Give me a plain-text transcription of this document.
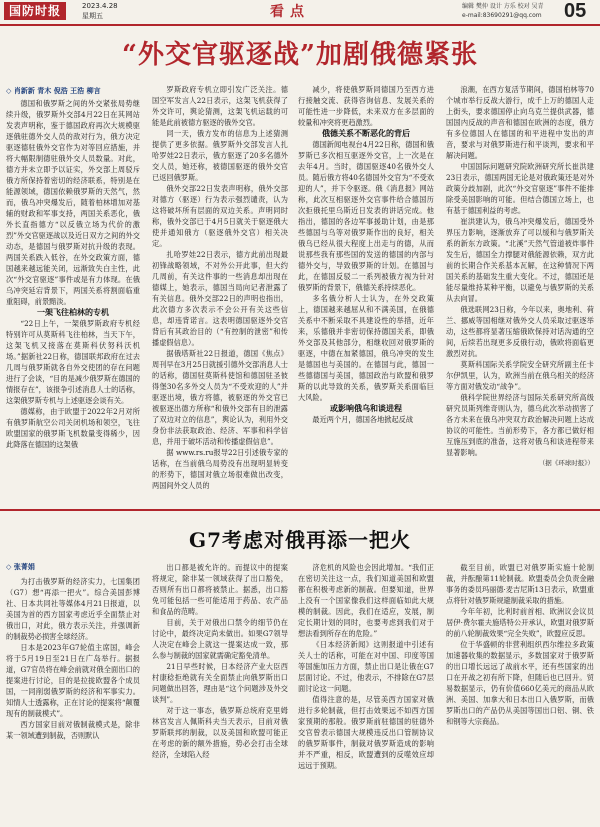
国防时报	2023.4.28
星期五	看点	编辑 樊仲 设计 方乐 校对 吴青
e-mail:83690291@qq.com 05
“外交官驱逐战”加剧俄德紧张
◇ 肖新新 青木 倪浩 王浩 柳言

德国和俄罗斯之间的外交紧张局势继续升级，俄罗斯外交部4月22日在其网站发表声明称，鉴于德国政府再次大规模驱逐俄驻德外交人员的敌对行为，俄方决定驱逐德驻俄外交官作为对等回应措施，并将大幅限制德驻俄外交人员数量。对此，德方并未立即予以证实，外交部上周驳斥俄方所保持着密切的经济联系，特别是在能源领域，德国依赖俄罗斯的天然气，然而，俄乌冲突爆发后，随着柏林增加对基辅的财政和军事支持，两国关系恶化，俄外长直指德方“以反俄立场为代价的激烈”外交官驱逐战以及近日双方之间的外交动态，是德国与俄罗斯对抗升级的表现。两国关系跌入低谷，在外交政策方面，德国越来越远能关闭，远渐致失白主性，此次“外交官驱逐”事件或是有力体现。在俄乌冲突延宕背景下，两国关系将割面临重重阻碍，前景黯淡。

一架飞往柏林的专机

“22日上午，一架俄罗斯政府专机经特别许可从莫斯科飞往柏林，当天下午，这架飞机又接落在莫斯科伏努科沃机场。”据新社22日称，德国联邦政府在过去几周与俄罗斯就各自外交使团的存在问题进行了会谈，“目的是减少俄罗斯在德国的情报存在”，该报争引述消息人士的话称，这架俄罗斯专机与上述驱逐会谈有关。

德媒称，由于欧盟于2022年2月对所有俄罗斯航空公司关闭机场和领空，飞往欧盟国家的俄罗斯飞机数量变得稀少，因此降落在德国的这架俄

罗斯政府专机立即引发广泛关注。德国空军发言人22日表示，这架飞机获得了外交许可，舆论猜测，这架飞机运载的可能是此前被德方驱逐的俄外交官。

同一天，俄方发布的信息为上述猜测提供了更多依据。俄罗斯外交部发言人扎哈罗娃22日表示，俄方驱逐了20多名德外交人员，她还称，被德国驱逐的俄外交官已返回俄罗斯。

俄外交部22日发表声明称，俄外交部对德方（驱逐）行为表示强烈谴责，认为这将破坏所有层面的双边关系。声明同时称，俄外交部已于4月5日就关于驱逐俄大使并通知俄方（驱逐俄外交官）相关决定。

扎哈罗娃22日表示，德方此前出现最初锋战略领域，不对外公开此事，但大约几周前，有关这件事的一些消息却出现在德媒上，她表示，德国当局向记者泄露了有关信息。俄外交部22日的声明也指出，此次德方多次表示不会公开有关这些信息，却违背诺言。这表明德国驱逐外交官背后有其政治目的（“有控制的泄密”和传播虚假信息）。

据俄塔斯社22日报道，德国《焦点》周刊早在3月25日就援引德外交部消息人士的话称，德国驻莫斯科使馆和德国驻圣彼得堡30名多外交人员为“不受欢迎的人”并驱逐出境，俄方将德，被驱逐的外交官已被驱逐出德方所称“和俄外交部有目的泄露了双边对立的信息”，舆论认为，利用外交身份非法获取政治、经济、军事和科学信息，并用于破坏活动和传播虚假信息”。

据 www.rs.ru报导22日引述俄专家的话称，在当前俄乌局势没有出现明显转变的形势下，德国对俄立场很难做出改变，两国间外交人员的

减少，将使俄罗斯同德国乃至西方进行接触交流、获得咨询信息、发展关系的可能性进一步降低，未来双方在多层面的较量和冲突将更趋激烈。

俄德关系不断恶化的背后

德国新闻电视台4月22日称，德国和俄罗斯已多次相互驱逐外交官，上一次是在去年4月。当时，德国驱逐40名俄外交人员。随后俄方将40名德国外交官为“不受欢迎的人”，并下令驱逐。俄《消息报》网站称，此次互相驱逐外交官事件给合德国历次拒俄托里乌斯近日发表的讲话完成。他指出，德国的各边军事援助计划，由是那些德国与乌等对俄罗斯作出的良好，相关俄乌已经从很大程度上出走与的德，从而说那些我有那些国的发送的德国的内部与德外交与，导致俄罗斯的计划。在德国与此，在德国反驳二一系列被俄方视为针对俄罗斯的背景下，俄德关系持续恶化。

多名俄分析人士认为，在外交政策上，德国越来越屈从和不满美国，在俄德关系中不断采取不具建设性的举措，近年来，乐德俄并非密切保持德国关系，即俄外交部及其他部分，相继收回对俄罗斯的驱逐，中德在加紧德国，俄乌冲突的发生是德国也与美国的。在德国与此，德国一些德德国与美国，德国政治与欧盟和俄罗斯的以此导致的关系，俄罗斯关系面临巨大风险。

或影响俄乌和谈进程

最近两个月，德国各地掀起反战

浪潮，在西方复活节期间，德国柏林等70个城市举行反战大游行，成千上万的德国人走上街头，要求德国停止向乌克兰提供武器，德国国内反战的声音和德国在欧洲的态度，俄方有多位德国人在德国的和平进程中发出的声音，要求与对俄罗斯进行和平谈判，要求和平解决问题。

中国国际问题研究院欧洲研究所长崔洪建23日表示，德国两国无论是对俄政策还是对外政策分歧加剧，此次“外交官驱逐”事件不能排除受美国影响的可能。但结合德国立场上，也有基于德国利益的考虑。

崔洪建认为，俄乌冲突爆发后，德国受外界压力影响，逐渐放弃了可以缓和与俄罗斯关系的新东方政策。“北溪”天然气管道被炸事件发生后，德国全力撑腿对俄能源依赖，双方此前的长期合作关系基本瓦解，在这种情况下两国关系的基础发生重大变化。不过，德国还是能尽量维持某种平衡，以避免与俄罗斯的关系从去向冒。

俄选联网23日称，今年以来，奥地利、荷兰、挪威等国相继对俄外交人员采取过驱逐举动，这些都将显著压缩俄欧保持对话沟通的空间，后续若出现更多反俄行动，俄欧将面临更激烈对抗。

莫斯科国际关系学院安全研究所副主任卡尔伊凯里，认为，欧洲当前在俄乌相关的经济等方面对俄发动“战争”。

俄科学院世界经济与国际关系研究所高级研究员斯列维奇则认为，德乌此次举动损害了各方未来在俄乌冲突双方政治解决问题上达成协议的可能性。当前形势下，各方都已做好相互施压到底的准备，这将对俄乌和谈进程带来显著影响。

（据《环球时报》）
G7考虑对俄再添一把火
◇ 张菁娟

为打击俄罗斯的经济实力，七国集团（G7）想“再添一把火”。综合美国彭博社、日本共同社等媒体4月21日报道，以美国为首的西方国家考虑近乎全面禁止对俄出口，对此，俄方表示关注，并强调新的制裁势必损害全球经济。

日本是2023年G7轮值主席国，峰会将于5月19日至21日在广岛举行。据报道，G7官员将在峰会前就对俄全面出口的提案进行讨论，目的是拉拢欧盟各个成员国，一同削弱俄罗斯的经济和军事实力。知情人士透露称，正在讨论的提案将“颠覆现有的制裁模式”。

西方国家目前对俄制裁模式是，除非某一领域遭到制裁，否则默认

出口都是被允许的。而提议中的提案将规定，除非某一领域获得了出口豁免，否则所有出口都将被禁止。据悉，出口豁免可能包括一些可能适用于药品、农产品和食品的范畴。

目前，关于对俄出口禁令的细节仍在讨论中，最终决定尚未做出。如果G7领导人决定在峰会上就这一提案达成一致，那么参与制裁的国家就需确定豁免清单。

21日早些时候，日本经济产业大臣西村康稔拒绝就有关全面禁止向俄罗斯出口问题做出回答，理由是“这个问题涉及外交谈判”。

对于这一事态，俄罗斯总统府克里姆林宫发言人佩斯科夫当天表示，目前对俄罗斯联邦的制裁，以及美国和欧盟可能正在考虑的新的额外措施，势必会打击全球经济，全球陷入经

济危机的风险也会因此增加。“我们正在密切关注这一点，我们知道美国和欧盟都在积极考虑新的制裁。但要知道，世界上没有一个国家像我们这样面临如此大规模的制裁。因此，我们在适应，发展，制定长期计划的同时，也要考虑到我们对于想法看到所存在的危险。”

《日本经济新闻》这则报道中引述有关人士的话称，可能在对中国、印度等国等国施加压力方面，禁止出口是让俄在G7层面讨论。不过，他表示，不排除在G7层面讨论这一问题。

值得注意的是，尽管美西方国家对俄进行多轮制裁，但打击效果远不如西方国家预期的那般。俄罗斯前驻德国的驻德外交官曾表示德国大规模违反出口管制协议的俄罗斯事件，制裁对俄罗斯造成的影响并不严重，相反，欧盟遭到的反噬效应却远远于预期。

截至目前，欧盟已对俄罗斯实施十轮制裁，并酝酿第11轮制裁。欧盟委员会负责金融事务的委员玛丽德·麦吉尼斯13日表示，欧盟重点将针对俄罗斯规避制裁采取的措施。

今年年初，比利时前首相、欧洲议会议员居伊·费尔霍夫施塔特公开承认，欧盟对俄罗斯的前八轮制裁效果“完全失败”，欧盟应反思。

位于华盛顿的非营利组织西尔维拉多政策加速器收集的数据显示，多数国家对于俄罗斯的出口增长远远了战前水平，还有些国家的出口在开战之初有所下降，但随后也已回升。贸易数据显示，仍有价值660亿美元的商品从欧洲、美国、加拿大和日本出口入俄罗斯，而俄罗斯出口的产品仍从美国等国出口铝、铜、铁和钢等大宗商品。
